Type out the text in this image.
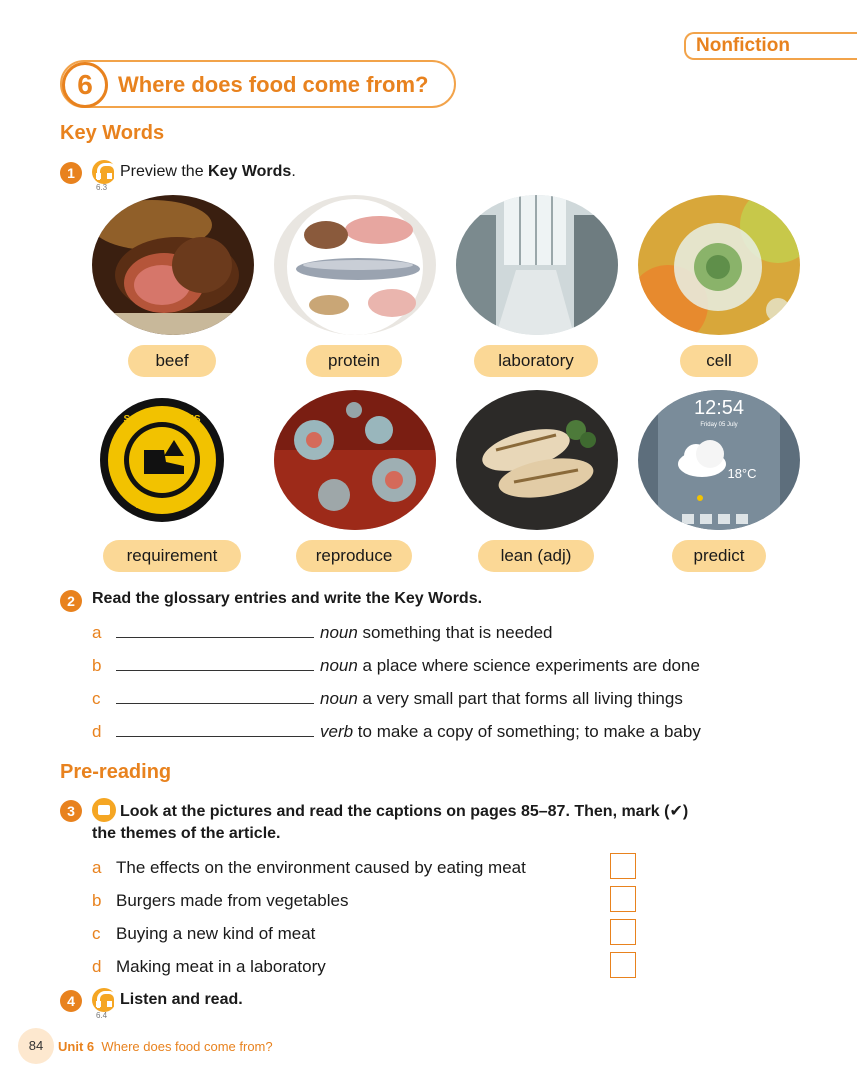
Nonfiction
6	Where does food come from?
Key Words
1
6.3
Preview the Key Words.
beef	protein	laboratory	cell
SAFETY SHOES
REQUIRED
12:54
Friday 05 July
18°C
requirement	reproduce	lean (adj)	predict
2	Read the glossary entries and write the Key Words.
a	noun something that is needed
b	noun a place where science experiments are done
c	noun a very small part that forms all living things
d	verb to make a copy of something; to make a baby
Pre-reading
3	Look at the pictures and read the captions on pages 85–87. Then, mark (✔)
the themes of the article.
a The effects on the environment caused by eating meat
b Burgers made from vegetables
c Buying a new kind of meat
d Making meat in a laboratory
4
6.4
Listen and read.
84	Unit 6 Where does food come from?
